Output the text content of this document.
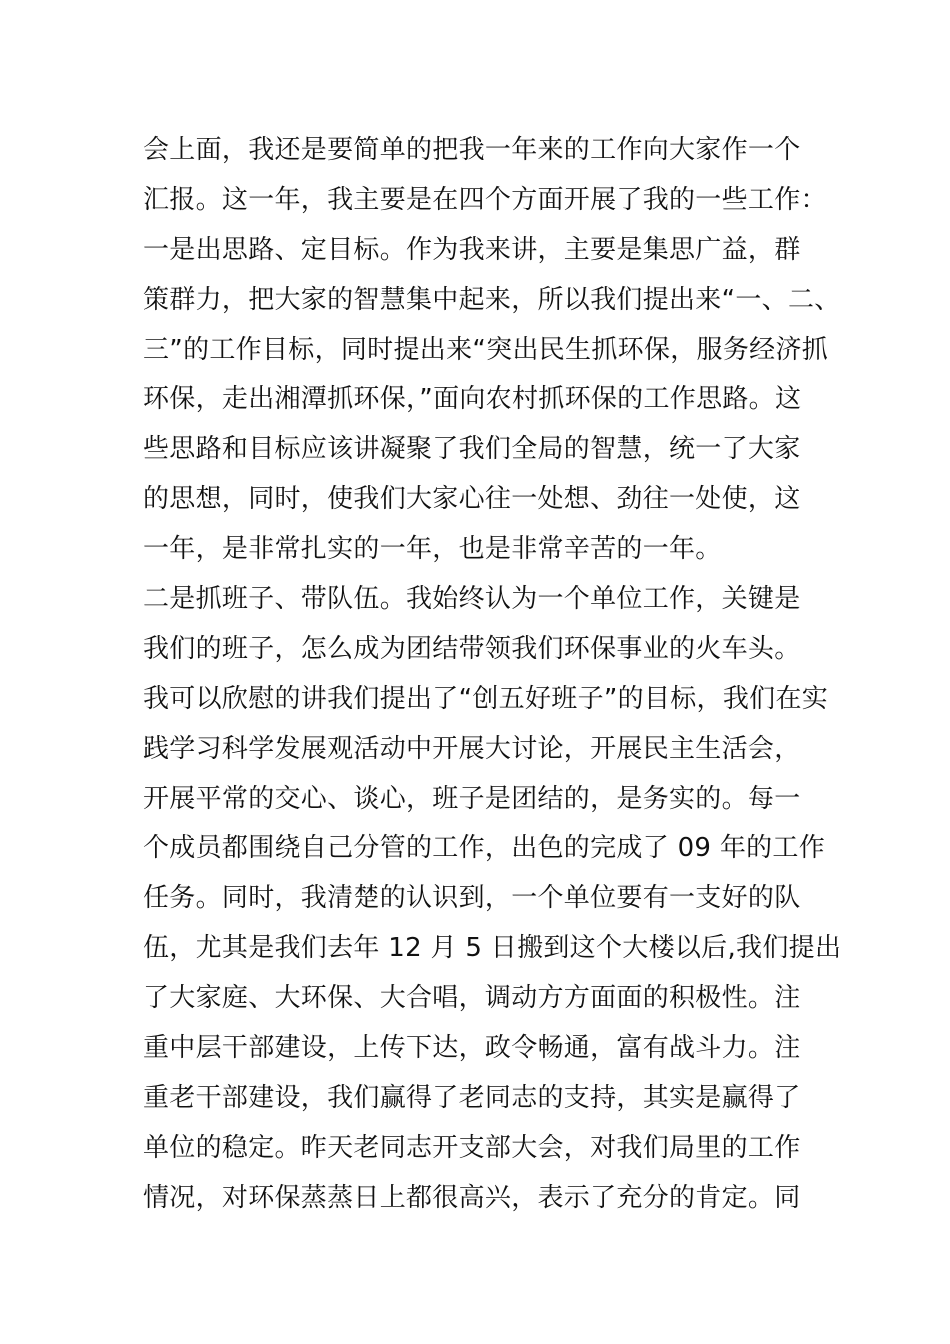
会上面，我还是要简单的把我一年来的工作向大家作一个
汇报。这一年，我主要是在四个方面开展了我的一些工作：
一是出思路、定目标。作为我来讲，主要是集思广益，群
策群力，把大家的智慧集中起来，所以我们提出来“一、二、
三”的工作目标，同时提出来“突出民生抓环保，服务经济抓
环保，走出湘潭抓环保，”面向农村抓环保的工作思路。这
些思路和目标应该讲凝聚了我们全局的智慧，统一了大家
的思想，同时，使我们大家心往一处想、劲往一处使，这
一年，是非常扎实的一年，也是非常辛苦的一年。
二是抓班子、带队伍。我始终认为一个单位工作，关键是
我们的班子，怎么成为团结带领我们环保事业的火车头。
我可以欣慰的讲我们提出了“创五好班子”的目标，我们在实
践学习科学发展观活动中开展大讨论，开展民主生活会，
开展平常的交心、谈心，班子是团结的，是务实的。每一
个成员都围绕自己分管的工作，出色的完成了 09 年的工作
任务。同时，我清楚的认识到，一个单位要有一支好的队
伍，尤其是我们去年 12 月 5 日搬到这个大楼以后,我们提出
了大家庭、大环保、大合唱，调动方方面面的积极性。注
重中层干部建设，上传下达，政令畅通，富有战斗力。注
重老干部建设，我们赢得了老同志的支持，其实是赢得了
单位的稳定。昨天老同志开支部大会，对我们局里的工作
情况，对环保蒸蒸日上都很高兴，表示了充分的肯定。同
